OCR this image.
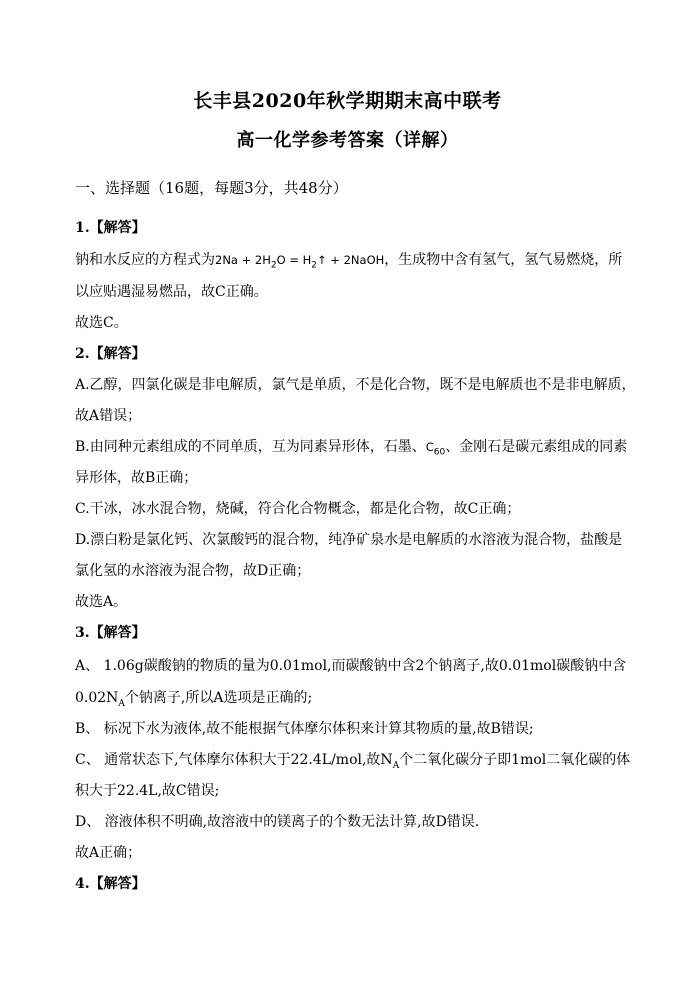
长丰县2020年秋学期期末高中联考
高一化学参考答案（详解）
一、选择题（16题，每题3分，共48分）
1.【解答】
钠和水反应的方程式为$2Na + 2H_2O$ = $H_2↑$ + 2NaOH，生成物中含有氢气，氢气易燃烧，所
以应贴遇湿易燃品，故C正确。
故选C。
2.【解答】
A.乙醇，四氯化碳是非电解质，氯气是单质，不是化合物，既不是电解质也不是非电解质，
故A错误；
B.由同种元素组成的不同单质，互为同素异形体，石墨、$C_{60}$、金刚石是碳元素组成的同素
异形体，故B正确；
C.干冰，冰水混合物，烧碱，符合化合物概念，都是化合物，故C正确；
D.漂白粉是氯化钙、次氯酸钙的混合物，纯净矿泉水是电解质的水溶液为混合物，盐酸是
氯化氢的水溶液为混合物，故D正确；
故选A。
3.【解答】
A、 1.06g碳酸钠的物质的量为0.01mol,而碳酸钠中含2个钠离子,故0.01mol碳酸钠中含
$0.02N_A$个钠离子,所以A选项是正确的;
B、 标况下水为液体,故不能根据气体摩尔体积来计算其物质的量,故B错误;
C、 通常状态下,气体摩尔体积大于22.4L/mol,故$N_A$个二氧化碳分子即1mol二氧化碳的体
积大于22.4L,故C错误;
D、 溶液体积不明确,故溶液中的镁离子的个数无法计算,故D错误.
故A正确；
4.【解答】
